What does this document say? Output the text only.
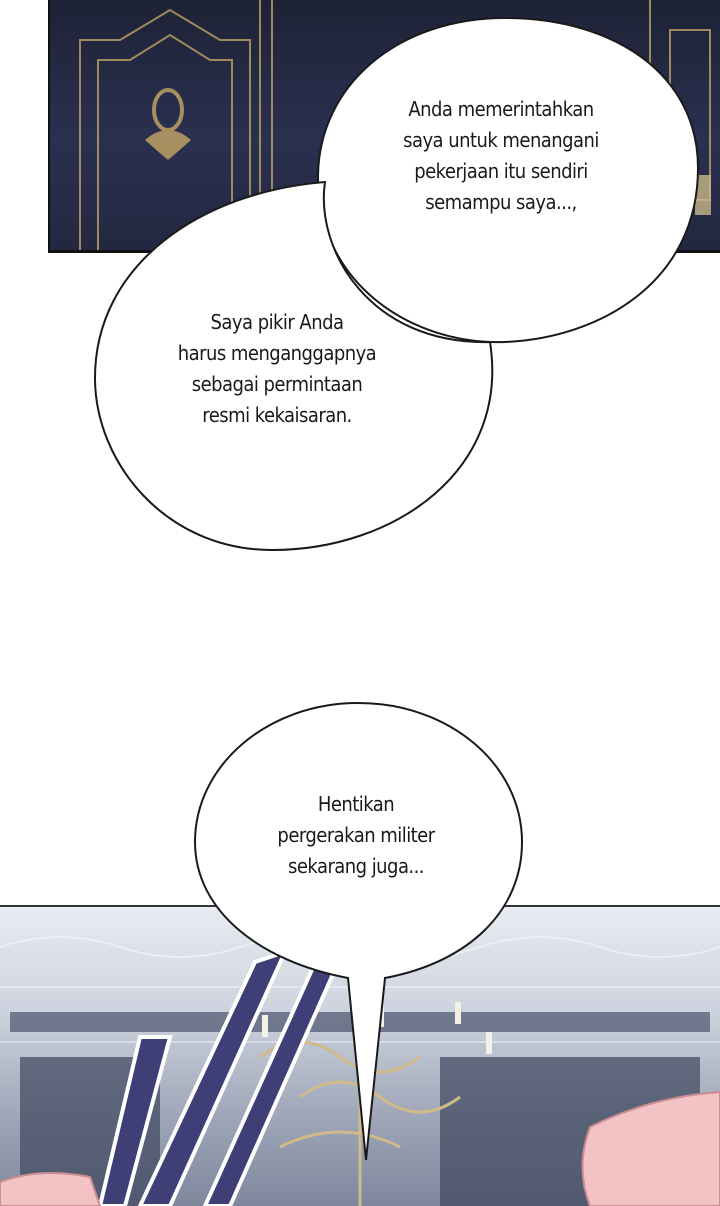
Anda memerintahkan
saya untuk menangani
pekerjaan itu sendiri
semampu saya...,
Saya pikir Anda
harus menganggapnya
sebagai permintaan
resmi kekaisaran.
Hentikan
pergerakan militer
sekarang juga...
